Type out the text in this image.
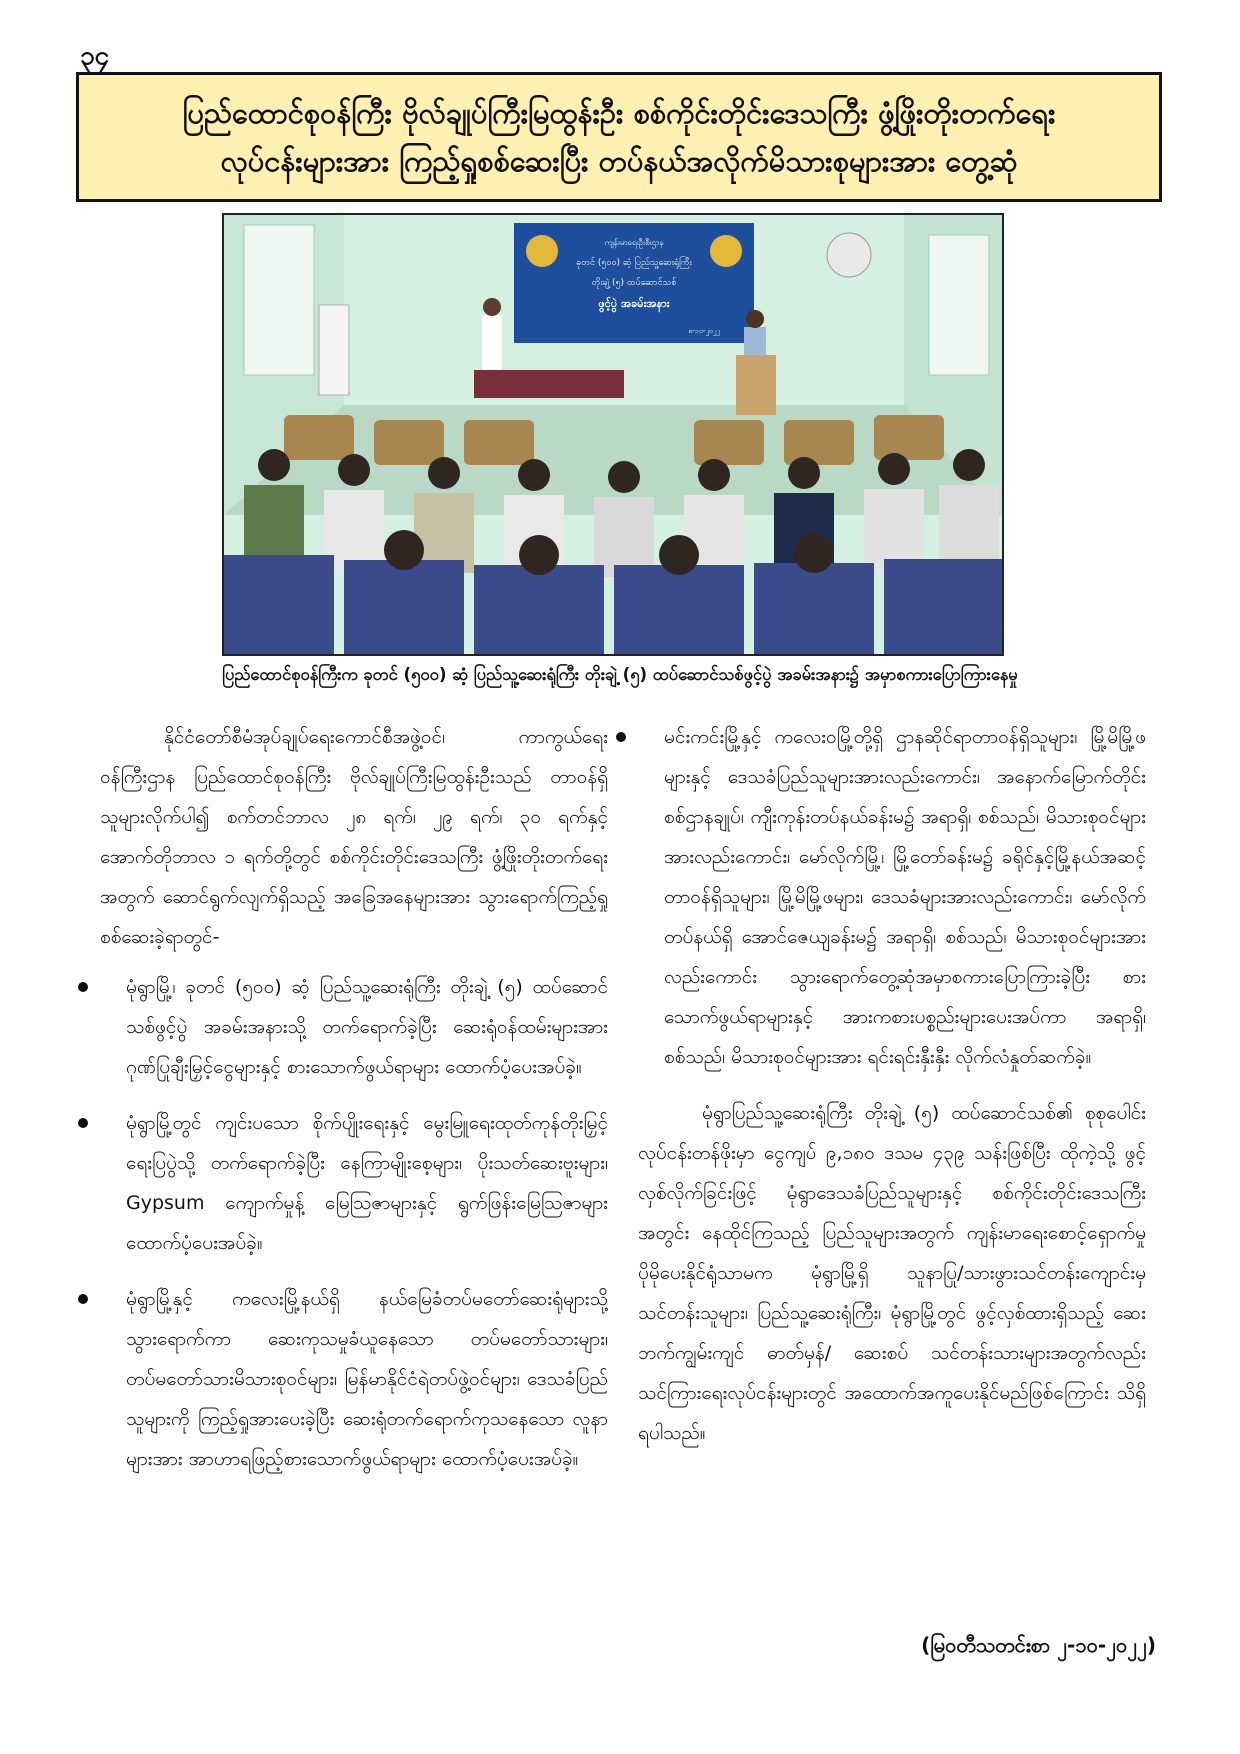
၃၄
ပြည်ထောင်စုဝန်ကြီး ဗိုလ်ချုပ်ကြီးမြထွန်းဦး စစ်ကိုင်းတိုင်းဒေသကြီး ဖွံ့ဖြိုးတိုးတက်ရေး
လုပ်ငန်းများအား ကြည့်ရှုစစ်ဆေးပြီး တပ်နယ်အလိုက်မိသားစုများအား တွေ့ဆုံ
ကျန်းမာရေးဦးစီးဌာန
ခုတင် (၅၀၀) ဆံ့ ပြည်သူ့ဆေးရုံကြီး
တိုးချဲ့ (၅) ထပ်ဆောင်သစ်
ဖွင့်ပွဲ အခမ်းအနား
၈-၁၀-၂၀၂၂
ပြည်ထောင်စုဝန်ကြီးက ခုတင် (၅၀၀) ဆံ့ ပြည်သူ့ဆေးရုံကြီး တိုးချဲ့ (၅) ထပ်ဆောင်သစ်ဖွင့်ပွဲ အခမ်းအနား၌ အမှာစကားပြောကြားနေမှု

နိုင်ငံတော်စီမံအုပ်ချုပ်ရေးကောင်စီအဖွဲ့ဝင်၊ ကာကွယ်ရေးဝန်ကြီးဌာန ပြည်ထောင်စုဝန်ကြီး ဗိုလ်ချုပ်ကြီးမြထွန်းဦးသည် တာဝန်ရှိသူများလိုက်ပါ၍ စက်တင်ဘာလ ၂၈ ရက်၊ ၂၉ ရက်၊ ၃၀ ရက်နှင့် အောက်တိုဘာလ ၁ ရက်တို့တွင် စစ်ကိုင်းတိုင်းဒေသကြီး ဖွံ့ဖြိုးတိုးတက်ရေးအတွက် ဆောင်ရွက်လျက်ရှိသည့် အခြေအနေများအား သွားရောက်ကြည့်ရှုစစ်ဆေးခဲ့ရာတွင်-

မုံရွာမြို့၊ ခုတင် (၅၀၀) ဆံ့ ပြည်သူ့ဆေးရုံကြီး တိုးချဲ့ (၅) ထပ်ဆောင်သစ်ဖွင့်ပွဲ အခမ်းအနားသို့ တက်ရောက်ခဲ့ပြီး ဆေးရုံဝန်ထမ်းများအား ဂုဏ်ပြုချီးမြှင့်ငွေများနှင့် စားသောက်ဖွယ်ရာများ ထောက်ပံ့ပေးအပ်ခဲ့။

မုံရွာမြို့တွင် ကျင်းပသော စိုက်ပျိုးရေးနှင့် မွေးမြူရေးထုတ်ကုန်တိုးမြှင့်ရေးပြပွဲသို့ တက်ရောက်ခဲ့ပြီး နေကြာမျိုးစေ့များ၊ ပိုးသတ်ဆေးဗူးများ၊ Gypsum ကျောက်မှုန့် မြေဩဇာများနှင့် ရွက်ဖြန်းမြေဩဇာများ ထောက်ပံ့ပေးအပ်ခဲ့။

မုံရွာမြို့နှင့် ကလေးမြို့နယ်ရှိ နယ်မြေခံတပ်မတော်ဆေးရုံများသို့ သွားရောက်ကာ ဆေးကုသမှုခံယူနေသော တပ်မတော်သားများ၊ တပ်မတော်သားမိသားစုဝင်များ၊ မြန်မာနိုင်ငံရဲတပ်ဖွဲ့ဝင်များ၊ ဒေသခံပြည်သူများကို ကြည့်ရှုအားပေးခဲ့ပြီး ဆေးရုံတက်ရောက်ကုသနေသော လူနာများအား အာဟာရဖြည့်စားသောက်ဖွယ်ရာများ ထောက်ပံ့ပေးအပ်ခဲ့။

မင်းကင်းမြို့နှင့် ကလေးဝမြို့တို့ရှိ ဌာနဆိုင်ရာတာဝန်ရှိသူများ၊ မြို့မိမြို့ဖများနှင့် ဒေသခံပြည်သူများအားလည်းကောင်း၊ အနောက်မြောက်တိုင်းစစ်ဌာနချုပ်၊ ကျီးကုန်းတပ်နယ်ခန်းမ၌ အရာရှိ၊ စစ်သည်၊ မိသားစုဝင်များအားလည်းကောင်း၊ မော်လိုက်မြို့၊ မြို့တော်ခန်းမ၌ ခရိုင်နှင့်မြို့နယ်အဆင့် တာဝန်ရှိသူများ၊ မြို့မိမြို့ဖများ၊ ဒေသခံများအားလည်းကောင်း၊ မော်လိုက်တပ်နယ်ရှိ အောင်ဇေယျခန်းမ၌ အရာရှိ၊ စစ်သည်၊ မိသားစုဝင်များအားလည်းကောင်း သွားရောက်တွေ့ဆုံအမှာစကားပြောကြားခဲ့ပြီး စားသောက်ဖွယ်ရာများနှင့် အားကစားပစ္စည်းများပေးအပ်ကာ အရာရှိ၊ စစ်သည်၊ မိသားစုဝင်များအား ရင်းရင်းနှီးနှီး လိုက်လံနှုတ်ဆက်ခဲ့။

မုံရွာပြည်သူ့ဆေးရုံကြီး တိုးချဲ့ (၅) ထပ်ဆောင်သစ်၏ စုစုပေါင်းလုပ်ငန်းတန်ဖိုးမှာ ငွေကျပ် ၉,၁၈၀ ဒသမ ၄၃၉ သန်းဖြစ်ပြီး ထိုကဲ့သို့ ဖွင့်လှစ်လိုက်ခြင်းဖြင့် မုံရွာဒေသခံပြည်သူများနှင့် စစ်ကိုင်းတိုင်းဒေသကြီးအတွင်း နေထိုင်ကြသည့် ပြည်သူများအတွက် ကျန်းမာရေးစောင့်ရှောက်မှု ပိုမိုပေးနိုင်ရုံသာမက မုံရွာမြို့ရှိ သူနာပြု/သားဖွားသင်တန်းကျောင်းမှ သင်တန်းသူများ၊ ပြည်သူ့ဆေးရုံကြီး၊ မုံရွာမြို့တွင် ဖွင့်လှစ်ထားရှိသည့် ဆေးဘက်ကျွမ်းကျင် ဓာတ်မှန်/ ဆေးစပ် သင်တန်းသားများအတွက်လည်း သင်ကြားရေးလုပ်ငန်းများတွင် အထောက်အကူပေးနိုင်မည်ဖြစ်ကြောင်း သိရှိရပါသည်။

(မြဝတီသတင်းစာ ၂-၁၀-၂၀၂၂)
